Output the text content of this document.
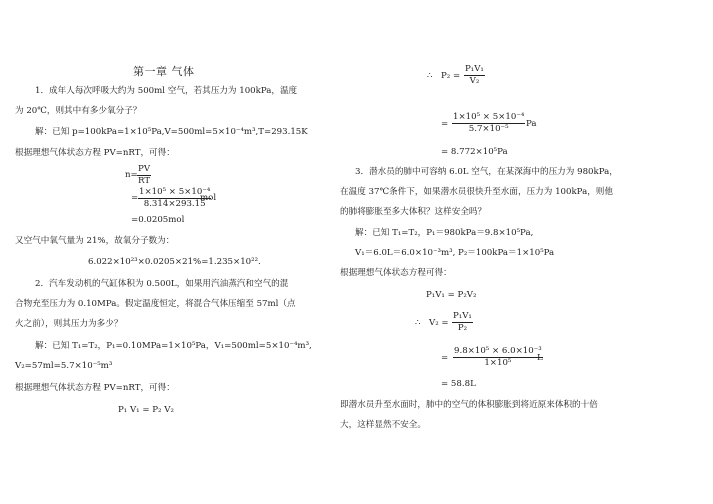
第一章 气体
1．成年人每次呼吸大约为 500ml 空气，若其压力为 100kPa，温度
为 20℃，则其中有多少氧分子？
解：已知 p=100kPa=1×10⁵Pa,V=500ml=5×10⁻⁴m³,T=293.15K
根据理想气体状态方程 PV=nRT，可得：
$n= \frac{PV}{RT}$
= $\frac{\text{1×10⁵ × 5×10⁻⁴}}{8.314\times 293.15}$
mol
=0.0205mol
又空气中氧气量为 21%，故氧分子数为：
6.022×10²³×0.0205×21%=1.235×10²².
2．汽车发动机的气缸体积为 0.500L，如果用汽油蒸汽和空气的混
合物充至压力为 0.10MPa。假定温度恒定，将混合气体压缩至 57ml（点
火之前），则其压力为多少？
解：已知 T₁=T₂，P₁=0.10MPa=1×10⁵Pa，V₁=500ml=5×10⁻⁴m³,
V₂=57ml=5.7×10⁻⁵m³
根据理想气体状态方程 PV=nRT，可得：
P₁ V₁ = P₂ V₂
∴ $P_2 = \frac{\text{P₁V₁}}{\text{V₂}}$
= $\frac{\text{1×10⁵ × 5×10⁻⁴}}{\text{5.7×10⁻⁵}}$ Pa
= 8.772×10⁵Pa
3．潜水员的肺中可容纳 6.0L 空气，在某深海中的压力为 980kPa，
在温度 37℃条件下，如果潜水员很快升至水面，压力为 100kPa，则他
的肺将膨胀至多大体积？这样安全吗？
解：已知 T₁=T₂，P₁＝980kPa＝9.8×10⁵Pa,
V₁＝6.0L＝6.0×10⁻³m³, P₂＝100kPa＝1×10⁵Pa
根据理想气体状态方程可得：
P₁V₁ = P₂V₂
∴ $V_2 = \frac{\text{P₁V₁}}{\text{P₂}}$
= $\frac{\text{9.8×10⁵ × 6.0×10⁻³}}{\text{1×10⁵}}$
L
= 58.8L
即潜水员升至水面时，肺中的空气的体积膨胀到将近原来体积的十倍
大，这样显然不安全。
